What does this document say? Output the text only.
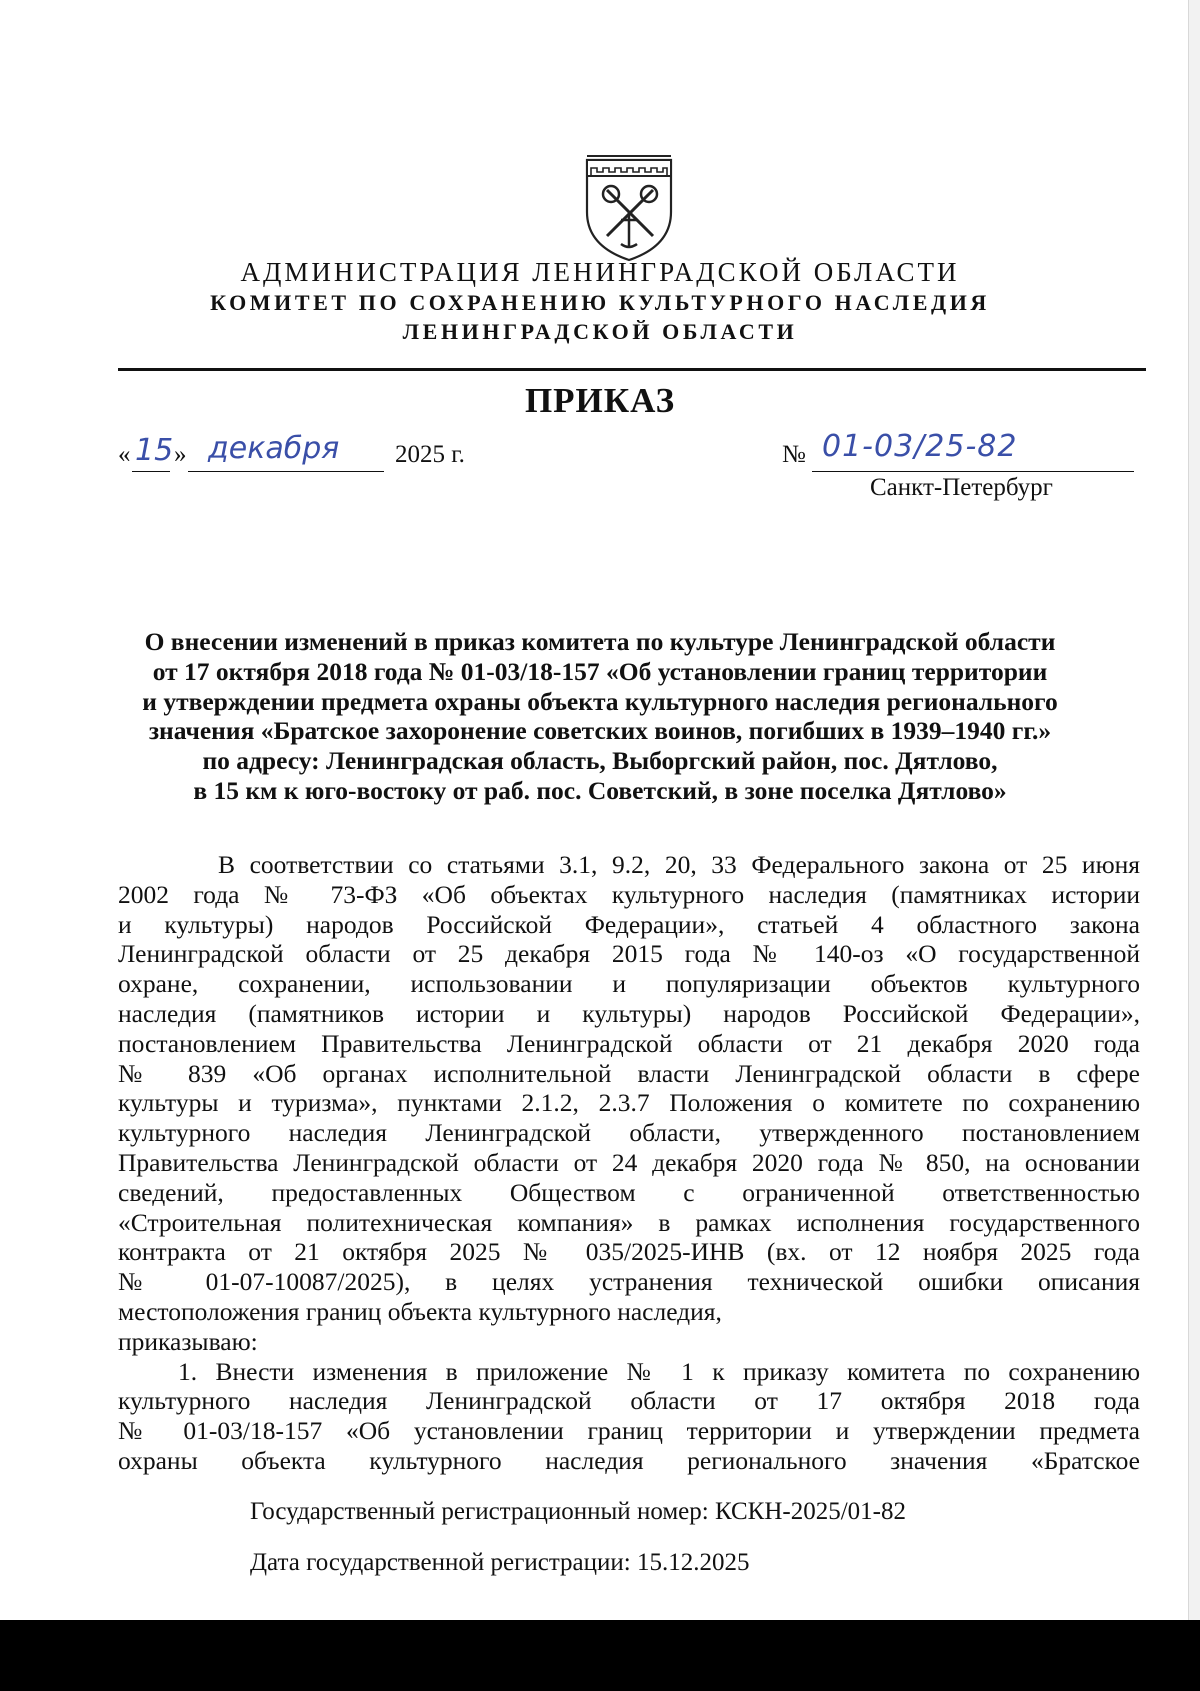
АДМИНИСТРАЦИЯ ЛЕНИНГРАДСКОЙ ОБЛАСТИ
КОМИТЕТ ПО СОХРАНЕНИЮ КУЛЬТУРНОГО НАСЛЕДИЯ
ЛЕНИНГРАДСКОЙ ОБЛАСТИ
ПРИКАЗ
« 15 » декабря 2025 г.	№ 01-03/25-82
Санкт-Петербург
О внесении изменений в приказ комитета по культуре Ленинградской области
от 17 октября 2018 года № 01-03/18-157 «Об установлении границ территории
и утверждении предмета охраны объекта культурного наследия регионального
значения «Братское захоронение советских воинов, погибших в 1939–1940 гг.»
по адресу: Ленинградская область, Выборгский район, пос. Дятлово,
в 15 км к юго-востоку от раб. пос. Советский, в зоне поселка Дятлово»
В соответствии со статьями 3.1, 9.2, 20, 33 Федерального закона от 25 июня
2002 года № 73-ФЗ «Об объектах культурного наследия (памятниках истории
и культуры) народов Российской Федерации», статьей 4 областного закона
Ленинградской области от 25 декабря 2015 года № 140-оз «О государственной
охране, сохранении, использовании и популяризации объектов культурного
наследия (памятников истории и культуры) народов Российской Федерации»,
постановлением Правительства Ленинградской области от 21 декабря 2020 года
№ 839 «Об органах исполнительной власти Ленинградской области в сфере
культуры и туризма», пунктами 2.1.2, 2.3.7 Положения о комитете по сохранению
культурного наследия Ленинградской области, утвержденного постановлением
Правительства Ленинградской области от 24 декабря 2020 года № 850, на основании
сведений, предоставленных Обществом с ограниченной ответственностью
«Строительная политехническая компания» в рамках исполнения государственного
контракта от 21 октября 2025 № 035/2025-ИНВ (вх. от 12 ноября 2025 года
№ 01-07-10087/2025), в целях устранения технической ошибки описания
местоположения границ объекта культурного наследия,
приказываю:
1. Внести изменения в приложение № 1 к приказу комитета по сохранению
культурного наследия Ленинградской области от 17 октября 2018 года
№ 01-03/18-157 «Об установлении границ территории и утверждении предмета
охраны объекта культурного наследия регионального значения «Братское
Государственный регистрационный номер: КСКН-2025/01-82
Дата государственной регистрации: 15.12.2025
